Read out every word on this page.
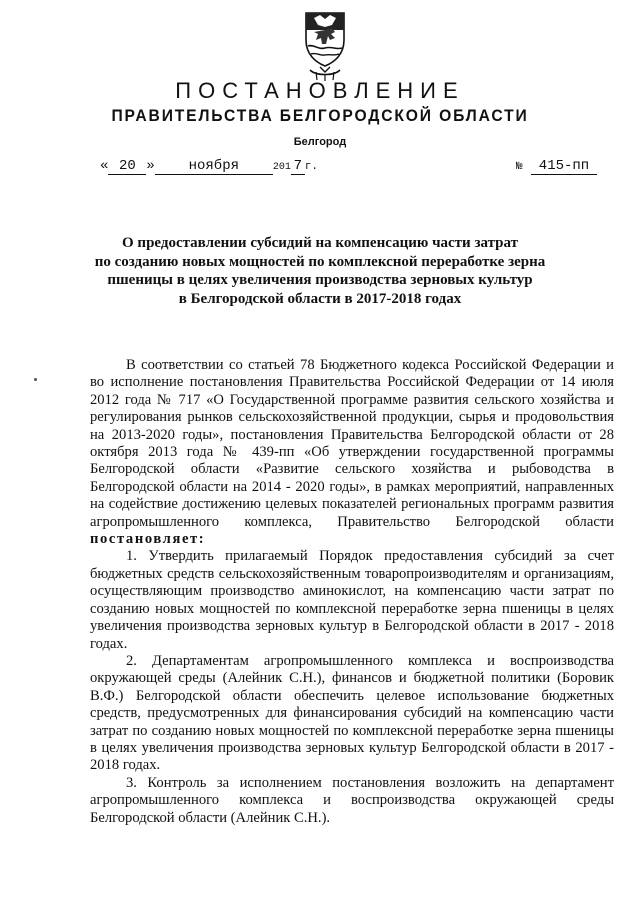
ПОСТАНОВЛЕНИЕ
ПРАВИТЕЛЬСТВА БЕЛГОРОДСКОЙ ОБЛАСТИ
Белгород
« 20 » ноября	201 7 г.	№ 415-пп
О предоставлении субсидий на компенсацию части затрат
по созданию новых мощностей по комплексной переработке зерна
пшеницы в целях увеличения производства зерновых культур
в Белгородской области в 2017-2018 годах

В соответствии со статьей 78 Бюджетного кодекса Российской Федерации и во исполнение постановления Правительства Российской Федерации от 14 июля 2012 года № 717 «О Государственной программе развития сельского хозяйства и регулирования рынков сельскохозяйственной продукции, сырья и продовольствия на 2013-2020 годы», постановления Правительства Белгородской области от 28 октября 2013 года № 439-пп «Об утверждении государственной программы Белгородской области «Развитие сельского хозяйства и рыбоводства в Белгородской области на 2014 - 2020 годы», в рамках мероприятий, направленных на содействие достижению целевых показателей региональных программ развития агропромышленного комплекса, Правительство Белгородской области постановляет:

1. Утвердить прилагаемый Порядок предоставления субсидий за счет бюджетных средств сельскохозяйственным товаропроизводителям и организациям, осуществляющим производство аминокислот, на компенсацию части затрат по созданию новых мощностей по комплексной переработке зерна пшеницы в целях увеличения производства зерновых культур в Белгородской области в 2017 - 2018 годах.

2. Департаментам агропромышленного комплекса и воспроизводства окружающей среды (Алейник С.Н.), финансов и бюджетной политики (Боровик В.Ф.) Белгородской области обеспечить целевое использование бюджетных средств, предусмотренных для финансирования субсидий на компенсацию части затрат по созданию новых мощностей по комплексной переработке зерна пшеницы в целях увеличения производства зерновых культур Белгородской области в 2017 - 2018 годах.

3. Контроль за исполнением постановления возложить на департамент агропромышленного комплекса и воспроизводства окружающей среды Белгородской области (Алейник С.Н.).
